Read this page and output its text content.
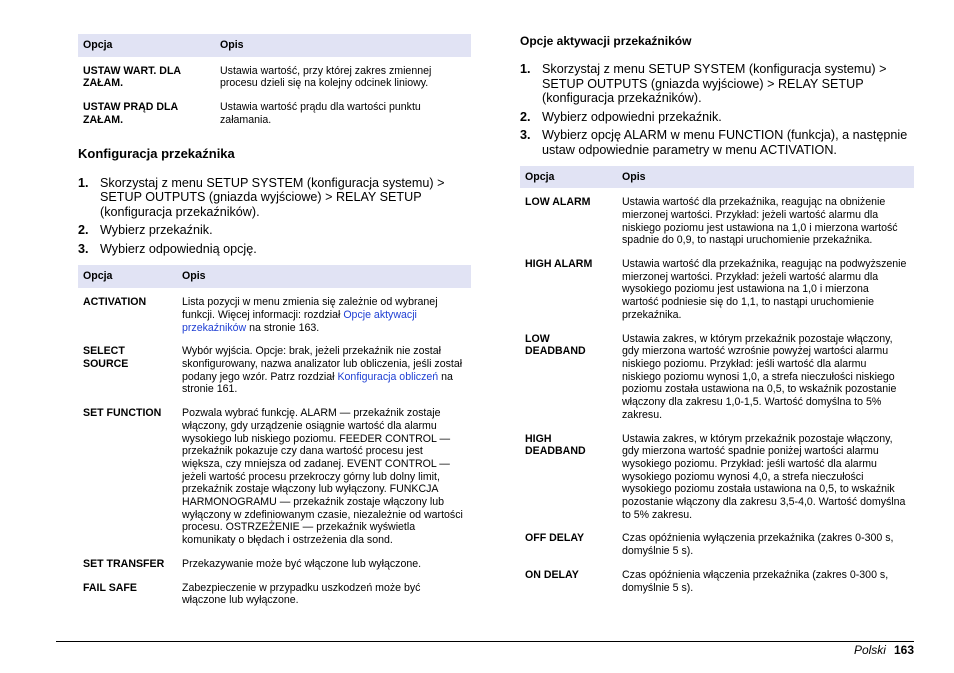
Opcja	Opis
USTAW WART. DLA ZAŁAM.	Ustawia wartość, przy której zakres zmiennej procesu dzieli się na kolejny odcinek liniowy.
USTAW PRĄD DLA ZAŁAM.	Ustawia wartość prądu dla wartości punktu załamania.
Konfiguracja przekaźnika
1. Skorzystaj z menu SETUP SYSTEM (konfiguracja systemu) > SETUP OUTPUTS (gniazda wyjściowe) > RELAY SETUP (konfiguracja przekaźników).
2. Wybierz przekaźnik.
3. Wybierz odpowiednią opcję.
Opcja	Opis
ACTIVATION	Lista pozycji w menu zmienia się zależnie od wybranej funkcji. Więcej informacji: rozdział Opcje aktywacji przekaźników na stronie 163.
SELECT SOURCE	Wybór wyjścia. Opcje: brak, jeżeli przekaźnik nie został skonfigurowany, nazwa analizator lub obliczenia, jeśli został podany jego wzór. Patrz rozdział Konfiguracja obliczeń na stronie 161.
SET FUNCTION	Pozwala wybrać funkcję. ALARM — przekaźnik zostaje włączony, gdy urządzenie osiągnie wartość dla alarmu wysokiego lub niskiego poziomu. FEEDER CONTROL — przekaźnik pokazuje czy dana wartość procesu jest większa, czy mniejsza od zadanej. EVENT CONTROL — jeżeli wartość procesu przekroczy górny lub dolny limit, przekaźnik zostaje włączony lub wyłączony. FUNKCJA HARMONOGRAMU — przekaźnik zostaje włączony lub wyłączony w zdefiniowanym czasie, niezależnie od wartości procesu. OSTRZEŻENIE — przekaźnik wyświetla komunikaty o błędach i ostrzeżenia dla sond.
SET TRANSFER	Przekazywanie może być włączone lub wyłączone.
FAIL SAFE	Zabezpieczenie w przypadku uszkodzeń może być włączone lub wyłączone.
Opcje aktywacji przekaźników
1. Skorzystaj z menu SETUP SYSTEM (konfiguracja systemu) > SETUP OUTPUTS (gniazda wyjściowe) > RELAY SETUP (konfiguracja przekaźników).
2. Wybierz odpowiedni przekaźnik.
3. Wybierz opcję ALARM w menu FUNCTION (funkcja), a następnie ustaw odpowiednie parametry w menu ACTIVATION.
Opcja	Opis
LOW ALARM	Ustawia wartość dla przekaźnika, reagując na obniżenie mierzonej wartości. Przykład: jeżeli wartość alarmu dla niskiego poziomu jest ustawiona na 1,0 i mierzona wartość spadnie do 0,9, to nastąpi uruchomienie przekaźnika.
HIGH ALARM	Ustawia wartość dla przekaźnika, reagując na podwyższenie mierzonej wartości. Przykład: jeżeli wartość alarmu dla wysokiego poziomu jest ustawiona na 1,0 i mierzona wartość podniesie się do 1,1, to nastąpi uruchomienie przekaźnika.
LOW DEADBAND	Ustawia zakres, w którym przekaźnik pozostaje włączony, gdy mierzona wartość wzrośnie powyżej wartości alarmu niskiego poziomu. Przykład: jeśli wartość dla alarmu niskiego poziomu wynosi 1,0, a strefa nieczułości niskiego poziomu została ustawiona na 0,5, to wskaźnik pozostanie włączony dla zakresu 1,0-1,5. Wartość domyślna to 5% zakresu.
HIGH DEADBAND	Ustawia zakres, w którym przekaźnik pozostaje włączony, gdy mierzona wartość spadnie poniżej wartości alarmu wysokiego poziomu. Przykład: jeśli wartość dla alarmu wysokiego poziomu wynosi 4,0, a strefa nieczułości wysokiego poziomu została ustawiona na 0,5, to wskaźnik pozostanie włączony dla zakresu 3,5-4,0. Wartość domyślna to 5% zakresu.
OFF DELAY	Czas opóźnienia wyłączenia przekaźnika (zakres 0-300 s, domyślnie 5 s).
ON DELAY	Czas opóźnienia włączenia przekaźnika (zakres 0-300 s, domyślnie 5 s).
Polski 163
